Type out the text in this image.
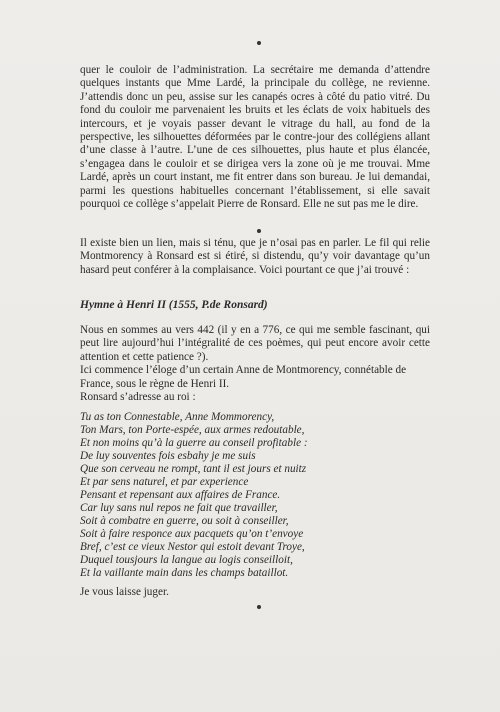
quer le couloir de l’administration. La secrétaire me demanda d’attendre quelques instants que Mme Lardé, la principale du collège, ne revienne. J’attendis donc un peu, assise sur les canapés ocres à côté du patio vitré. Du fond du couloir me parvenaient les bruits et les éclats de voix habituels des intercours, et je voyais passer devant le vitrage du hall, au fond de la perspective, les silhouettes déformées par le contre-jour des collégiens allant d’une classe à l’autre. L’une de ces silhouettes, plus haute et plus élancée, s’engagea dans le couloir et se dirigea vers la zone où je me trouvai. Mme Lardé, après un court instant, me fit entrer dans son bureau. Je lui demandai, parmi les questions habituelles concernant l’établissement, si elle savait pourquoi ce collège s’appelait Pierre de Ronsard. Elle ne sut pas me le dire.

Il existe bien un lien, mais si ténu, que je n’osai pas en parler. Le fil qui relie Montmorency à Ronsard est si étiré, si distendu, qu’y voir davantage qu’un hasard peut conférer à la complaisance. Voici pourtant ce que j’ai trouvé :

Hymne à Henri II (1555, P.de Ronsard)

Nous en sommes au vers 442 (il y en a 776, ce qui me semble fascinant, qui peut lire aujourd’hui l’intégralité de ces poèmes, qui peut encore avoir cette attention et cette patience ?).
Ici commence l’éloge d’un certain Anne de Montmorency, connétable de France, sous le règne de Henri II.
Ronsard s’adresse au roi :
Tu as ton Connestable, Anne Mommorency,
Ton Mars, ton Porte-espée, aux armes redoutable,
Et non moins qu’à la guerre au conseil profitable :
De luy souventes fois esbahy je me suis
Que son cerveau ne rompt, tant il est jours et nuitz
Et par sens naturel, et par experience
Pensant et repensant aux affaires de France.
Car luy sans nul repos ne fait que travailler,
Soit à combatre en guerre, ou soit à conseiller,
Soit à faire responce aux pacquets qu’on t’envoye
Bref, c’est ce vieux Nestor qui estoit devant Troye,
Duquel tousjours la langue au logis conseilloit,
Et la vaillante main dans les champs bataillot.

Je vous laisse juger.
